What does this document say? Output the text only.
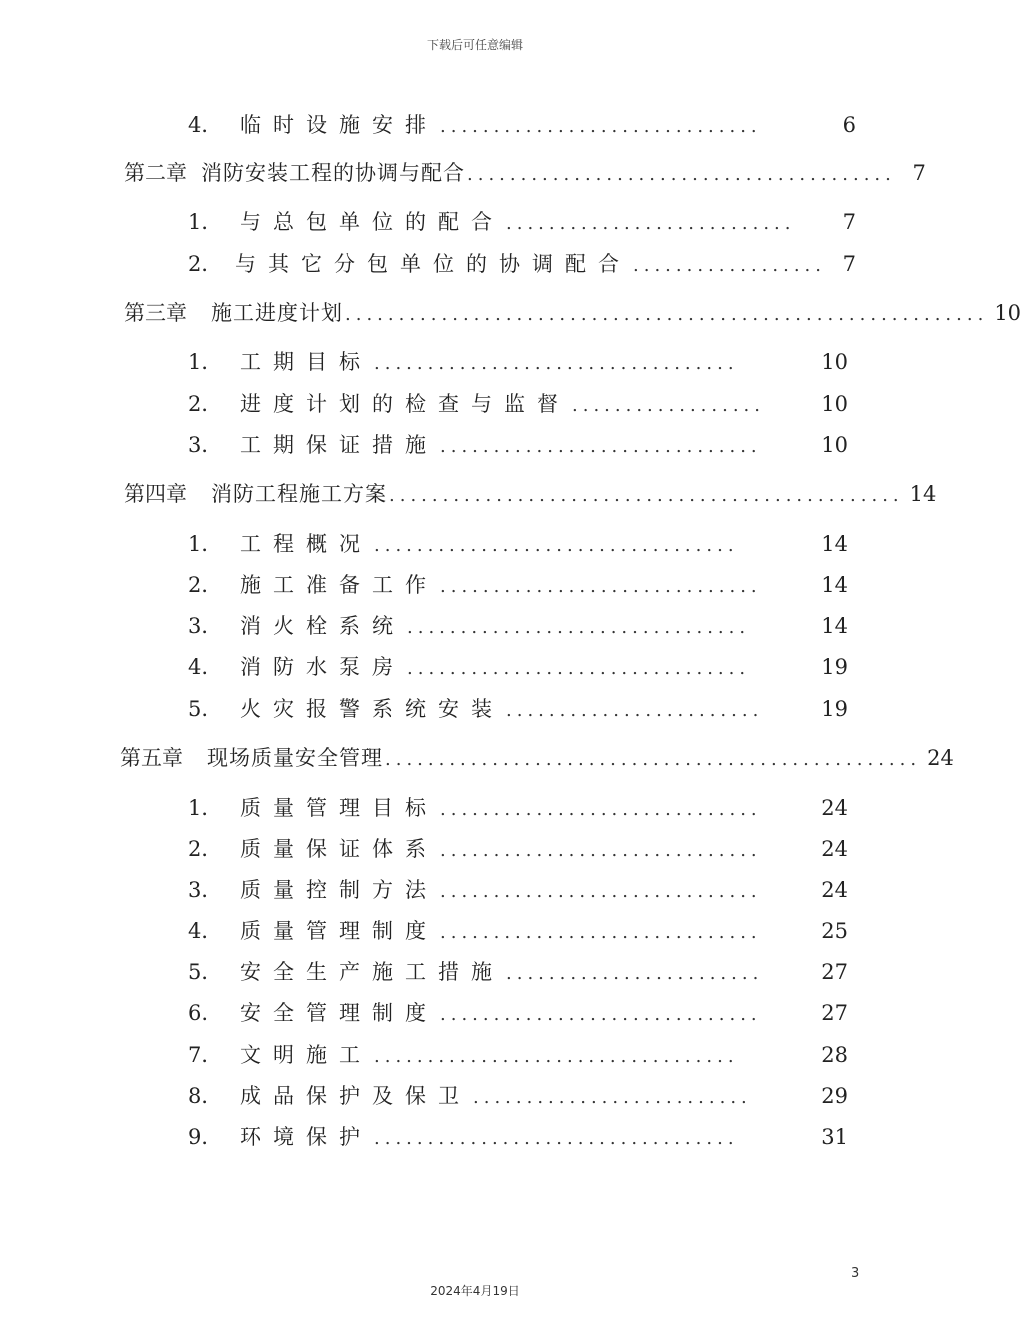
下载后可任意编辑
4． 临时设施安排 ..............................	6
第二章 消防安装工程的协调与配合 ........................................ 7
1． 与总包单位的配合 ...........................	7
2． 与其它分包单位的协调配合 .................. 7
第三章 施工进度计划 ............................................................ 10
1． 工期目标 ..................................	10
2． 进度计划的检查与监督 ..................	10
3． 工期保证措施 ..............................	10
第四章 消防工程施工方案 ................................................ 14
1． 工程概况 ..................................	14
2． 施工准备工作 ..............................	14
3． 消火栓系统 ................................	14
4.	消防水泵房 ................................	19
5.	火灾报警系统安装 ........................	19
第五章 现场质量安全管理 .................................................. 24
1． 质量管理目标 ..............................	24
2． 质量保证体系 ..............................	24
3． 质量控制方法 ..............................	24
4． 质量管理制度 ..............................	25
5． 安全生产施工措施 ........................	27
6.	安全管理制度 ..............................	27
7． 文明施工 ..................................	28
8． 成品保护及保卫 ..........................	29
9． 环境保护 ..................................	31
3
2024年4月19日
